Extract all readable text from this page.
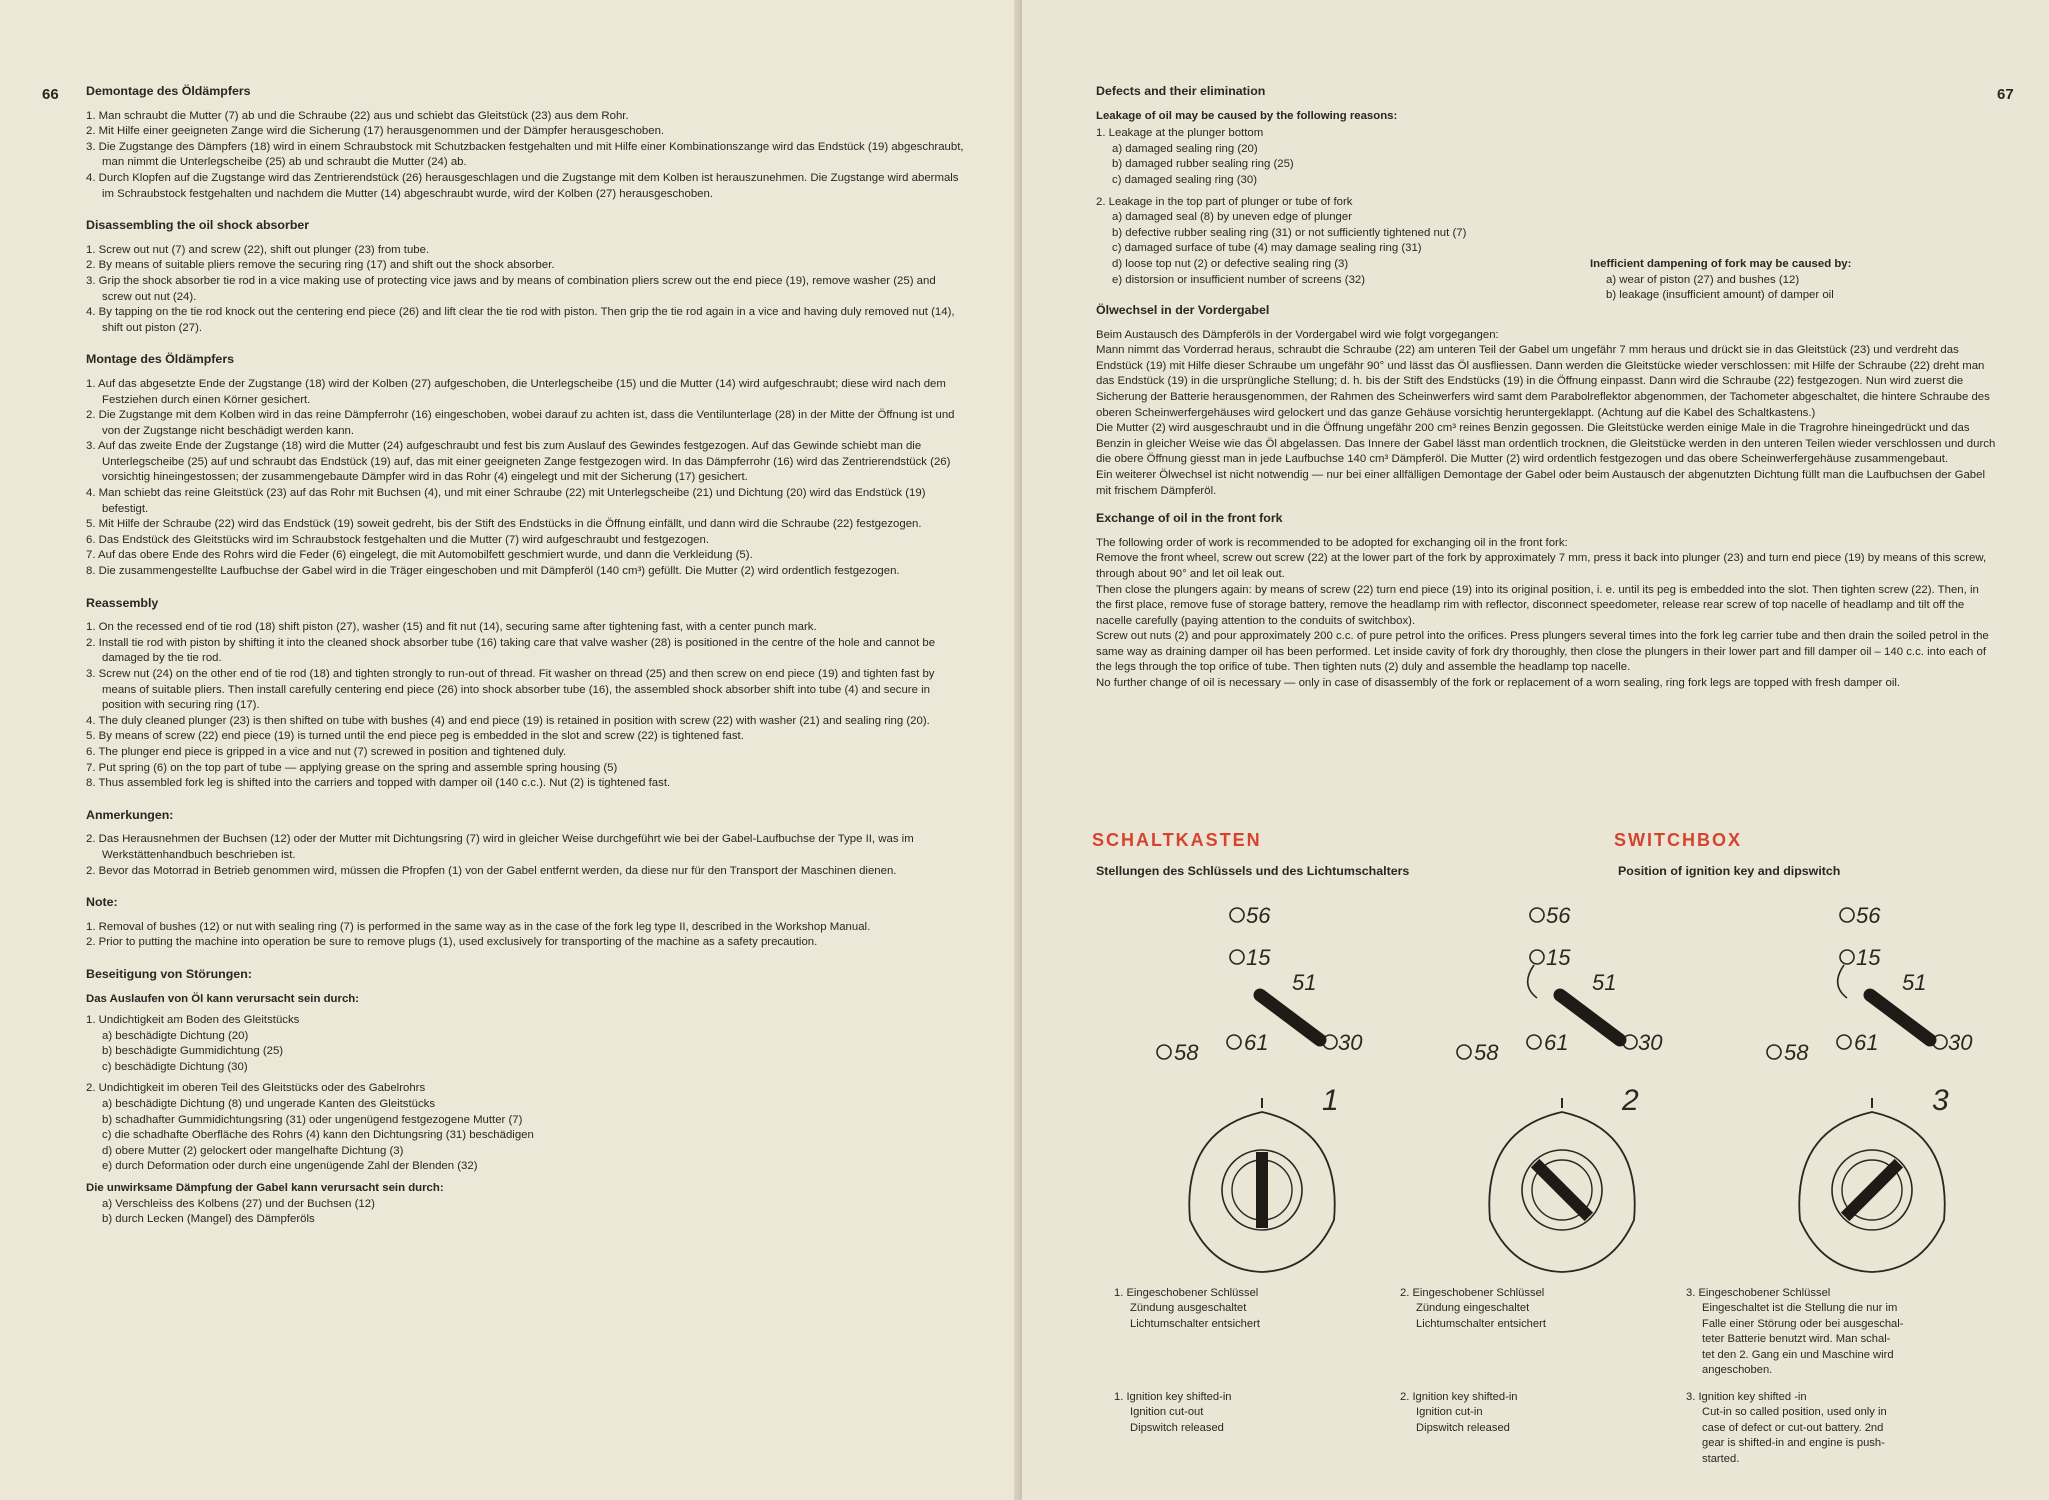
66 Demontage des Öldämpfers
1. Man schraubt die Mutter (7) ab und die Schraube (22) aus und schiebt das Gleitstück (23) aus dem Rohr.
2. Mit Hilfe einer geeigneten Zange wird die Sicherung (17) herausgenommen und der Dämpfer herausgeschoben.
3. Die Zugstange des Dämpfers (18) wird in einem Schraubstock mit Schutzbacken festgehalten und mit Hilfe einer Kombinationszange wird das Endstück (19) abgeschraubt, man nimmt die Unterlegscheibe (25) ab und schraubt die Mutter (24) ab.
4. Durch Klopfen auf die Zugstange wird das Zentrierendstück (26) herausgeschlagen und die Zugstange mit dem Kolben ist herauszunehmen. Die Zugstange wird abermals im Schraubstock festgehalten und nachdem die Mutter (14) abgeschraubt wurde, wird der Kolben (27) herausgeschoben.
Disassembling the oil shock absorber
1. Screw out nut (7) and screw (22), shift out plunger (23) from tube.
2. By means of suitable pliers remove the securing ring (17) and shift out the shock absorber.
3. Grip the shock absorber tie rod in a vice making use of protecting vice jaws and by means of combination pliers screw out the end piece (19), remove washer (25) and screw out nut (24).
4. By tapping on the tie rod knock out the centering end piece (26) and lift clear the tie rod with piston. Then grip the tie rod again in a vice and having duly removed nut (14), shift out piston (27).
Montage des Öldämpfers
1. Auf das abgesetzte Ende der Zugstange (18) wird der Kolben (27) aufgeschoben, die Unterlegscheibe (15) und die Mutter (14) wird aufgeschraubt; diese wird nach dem Festziehen durch einen Körner gesichert.
2. Die Zugstange mit dem Kolben wird in das reine Dämpferrohr (16) eingeschoben, wobei darauf zu achten ist, dass die Ventilunterlage (28) in der Mitte der Öffnung ist und von der Zugstange nicht beschädigt werden kann.
3. Auf das zweite Ende der Zugstange (18) wird die Mutter (24) aufgeschraubt und fest bis zum Auslauf des Gewindes festgezogen. Auf das Gewinde schiebt man die Unterlegscheibe (25) auf und schraubt das Endstück (19) auf, das mit einer geeigneten Zange festgezogen wird. In das Dämpferrohr (16) wird das Zentrierendstück (26) vorsichtig hineingestossen; der zusammengebaute Dämpfer wird in das Rohr (4) eingelegt und mit der Sicherung (17) gesichert.
4. Man schiebt das reine Gleitstück (23) auf das Rohr mit Buchsen (4), und mit einer Schraube (22) mit Unterlegscheibe (21) und Dichtung (20) wird das Endstück (19) befestigt.
5. Mit Hilfe der Schraube (22) wird das Endstück (19) soweit gedreht, bis der Stift des Endstücks in die Öffnung einfällt, und dann wird die Schraube (22) festgezogen.
6. Das Endstück des Gleitstücks wird im Schraubstock festgehalten und die Mutter (7) wird aufgeschraubt und festgezogen.
7. Auf das obere Ende des Rohrs wird die Feder (6) eingelegt, die mit Automobilfett geschmiert wurde, und dann die Verkleidung (5).
8. Die zusammengestellte Laufbuchse der Gabel wird in die Träger eingeschoben und mit Dämpferöl (140 cm³) gefüllt. Die Mutter (2) wird ordentlich festgezogen.
Reassembly
1. On the recessed end of tie rod (18) shift piston (27), washer (15) and fit nut (14), securing same after tightening fast, with a center punch mark.
2. Install tie rod with piston by shifting it into the cleaned shock absorber tube (16) taking care that valve washer (28) is positioned in the centre of the hole and cannot be damaged by the tie rod.
3. Screw nut (24) on the other end of tie rod (18) and tighten strongly to run-out of thread. Fit washer on thread (25) and then screw on end piece (19) and tighten fast by means of suitable pliers. Then install carefully centering end piece (26) into shock absorber tube (16), the assembled shock absorber shift into tube (4) and secure in position with securing ring (17).
4. The duly cleaned plunger (23) is then shifted on tube with bushes (4) and end piece (19) is retained in position with screw (22) with washer (21) and sealing ring (20).
5. By means of screw (22) end piece (19) is turned until the end piece peg is embedded in the slot and screw (22) is tightened fast.
6. The plunger end piece is gripped in a vice and nut (7) screwed in position and tightened duly.
7. Put spring (6) on the top part of tube — applying grease on the spring and assemble spring housing (5)
8. Thus assembled fork leg is shifted into the carriers and topped with damper oil (140 c.c.). Nut (2) is tightened fast.
Anmerkungen:
2. Das Herausnehmen der Buchsen (12) oder der Mutter mit Dichtungsring (7) wird in gleicher Weise durchgeführt wie bei der Gabel-Laufbuchse der Type II, was im Werkstättenhandbuch beschrieben ist.
2. Bevor das Motorrad in Betrieb genommen wird, müssen die Pfropfen (1) von der Gabel entfernt werden, da diese nur für den Transport der Maschinen dienen.
Note:
1. Removal of bushes (12) or nut with sealing ring (7) is performed in the same way as in the case of the fork leg type II, described in the Workshop Manual.
2. Prior to putting the machine into operation be sure to remove plugs (1), used exclusively for transporting of the machine as a safety precaution.
Beseitigung von Störungen:

Das Auslaufen von Öl kann verursacht sein durch:

1. Undichtigkeit am Boden des Gleitstücks

a) beschädigte Dichtung (20)
b) beschädigte Gummidichtung (25)
c) beschädigte Dichtung (30)

2. Undichtigkeit im oberen Teil des Gleitstücks oder des Gabelrohrs

a) beschädigte Dichtung (8) und ungerade Kanten des Gleitstücks
b) schadhafter Gummidichtungsring (31) oder ungenügend festgezogene Mutter (7)
c) die schadhafte Oberfläche des Rohrs (4) kann den Dichtungsring (31) beschädigen
d) obere Mutter (2) gelockert oder mangelhafte Dichtung (3)
e) durch Deformation oder durch eine ungenügende Zahl der Blenden (32)

Die unwirksame Dämpfung der Gabel kann verursacht sein durch:

a) Verschleiss des Kolbens (27) und der Buchsen (12)
b) durch Lecken (Mangel) des Dämpferöls
67
Defects and their elimination

Leakage of oil may be caused by the following reasons:

1. Leakage at the plunger bottom

a) damaged sealing ring (20)
b) damaged rubber sealing ring (25)
c) damaged sealing ring (30)

2. Leakage in the top part of plunger or tube of fork

a) damaged seal (8) by uneven edge of plunger
b) defective rubber sealing ring (31) or not sufficiently tightened nut (7)
c) damaged surface of tube (4) may damage sealing ring (31)
d) loose top nut (2) or defective sealing ring (3)
e) distorsion or insufficient number of screens (32)

Inefficient dampening of fork may be caused by:

a) wear of piston (27) and bushes (12)
b) leakage (insufficient amount) of damper oil
Ölwechsel in der Vordergabel

Beim Austausch des Dämpferöls in der Vordergabel wird wie folgt vorgegangen:

Mann nimmt das Vorderrad heraus, schraubt die Schraube (22) am unteren Teil der Gabel um ungefähr 7 mm heraus und drückt sie in das Gleitstück (23) und verdreht das Endstück (19) mit Hilfe dieser Schraube um ungefähr 90° und lässt das Öl ausfliessen. Dann werden die Gleitstücke wieder verschlossen: mit Hilfe der Schraube (22) dreht man das Endstück (19) in die ursprüngliche Stellung; d. h. bis der Stift des Endstücks (19) in die Öffnung einpasst. Dann wird die Schraube (22) festgezogen. Nun wird zuerst die Sicherung der Batterie herausgenommen, der Rahmen des Scheinwerfers wird samt dem Parabolreflektor abgenommen, der Tachometer abgeschaltet, die hintere Schraube des oberen Scheinwerfergehäuses wird gelockert und das ganze Gehäuse vorsichtig heruntergeklappt. (Achtung auf die Kabel des Schaltkastens.)

Die Mutter (2) wird ausgeschraubt und in die Öffnung ungefähr 200 cm³ reines Benzin gegossen. Die Gleitstücke werden einige Male in die Tragrohre hineingedrückt und das Benzin in gleicher Weise wie das Öl abgelassen. Das Innere der Gabel lässt man ordentlich trocknen, die Gleitstücke werden in den unteren Teilen wieder verschlossen und durch die obere Öffnung giesst man in jede Laufbuchse 140 cm³ Dämpferöl. Die Mutter (2) wird ordentlich festgezogen und das obere Scheinwerfergehäuse zusammengebaut.

Ein weiterer Ölwechsel ist nicht notwendig — nur bei einer allfälligen Demontage der Gabel oder beim Austausch der abgenutzten Dichtung füllt man die Laufbuchsen der Gabel mit frischem Dämpferöl.

Exchange of oil in the front fork

The following order of work is recommended to be adopted for exchanging oil in the front fork:

Remove the front wheel, screw out screw (22) at the lower part of the fork by approximately 7 mm, press it back into plunger (23) and turn end piece (19) by means of this screw, through about 90° and let oil leak out.

Then close the plungers again: by means of screw (22) turn end piece (19) into its original position, i. e. until its peg is embedded into the slot. Then tighten screw (22). Then, in the first place, remove fuse of storage battery, remove the headlamp rim with reflector, disconnect speedometer, release rear screw of top nacelle of headlamp and tilt off the nacelle carefully (paying attention to the conduits of switchbox).

Screw out nuts (2) and pour approximately 200 c.c. of pure petrol into the orifices. Press plungers several times into the fork leg carrier tube and then drain the soiled petrol in the same way as draining damper oil has been performed. Let inside cavity of fork dry thoroughly, then close the plungers in their lower part and fill damper oil – 140 c.c. into each of the legs through the top orifice of tube. Then tighten nuts (2) duly and assemble the headlamp top nacelle.

No further change of oil is necessary — only in case of disassembly of the fork or replacement of a worn sealing, ring fork legs are topped with fresh damper oil.

SCHALTKASTEN	SWITCHBOX
Stellungen des Schlüssels und des Lichtumschalters	Position of ignition key and dipswitch
56
15
58 61	30
51
1
56
15
58 61	30
51
2
56
15
58 61	30
51
3
1. Eingeschobener Schlüssel
Zündung ausgeschaltet
Lichtumschalter entsichert
2. Eingeschobener Schlüssel
Zündung eingeschaltet
Lichtumschalter entsichert
3. Eingeschobener Schlüssel
Eingeschaltet ist die Stellung die nur im
Falle einer Störung oder bei ausgeschal-
teter Batterie benutzt wird. Man schal-
tet den 2. Gang ein und Maschine wird
angeschoben.
1. Ignition key shifted-in
Ignition cut-out
Dipswitch released
2. Ignition key shifted-in
Ignition cut-in
Dipswitch released
3. Ignition key shifted -in
Cut-in so called position, used only in
case of defect or cut-out battery. 2nd
gear is shifted-in and engine is push-
started.
